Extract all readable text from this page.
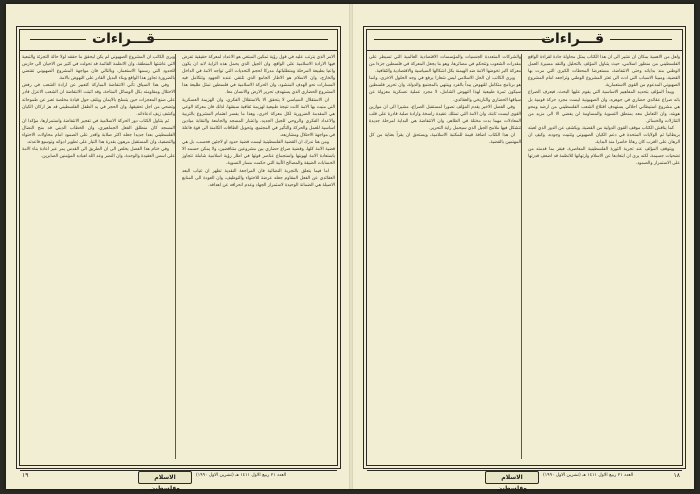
قـــراءات

الامر الذي يترتب عليه في قول رؤية تمكين المبتغي هو الاعداد لمعركة حقيقية تفرض فيها الارادة الاسلامية على الواقع، وان الجيل الذي يحمل هذه الراية لابد ان يكون واعيا بطبيعة المرحلة ومتطلباتها، مدركا لحجم التحديات التي تواجه الامة في الداخل والخارج، وان الاسلام هو الاطار الجامع الذي تلتقي عنده الجهود وتتكامل فيه المسارات نحو الهدف المنشود، وان الحركة الاسلامية في فلسطين تمثل طليعة هذا المشروع الحضاري الذي يستهدف تحرير الارض والانسان معا.

ان الاستقلال السياسي لا يتحقق الا بالاستقلال الفكري، وان الهزيمة العسكرية التي منيت بها الامة كانت نتيجة طبيعية لهزيمة ثقافية سبقتها، لذلك فان معركة الوعي هي المقدمة الضرورية لكل معركة اخرى، وهذا ما يفسر اهتمام المشروع بالتربية والاعداد الفكري والروحي للجيل الجديد، واعتبار المسجد والجامعة والنقابة ميادين اساسية للعمل والحركة والتأثير في المجتمع، وتحويل الطاقات الكامنة الى قوة فاعلة في مواجهة الاحتلال ومشاريعه.

ومن هنا ندرك ان القضية الفلسطينية ليست قضية حدود او لاجئين فحسب، بل هي قضية الامة كلها، وقضية صراع حضاري بين مشروعين متناقضين، ولا يمكن حسمه الا باستعادة الامة لهويتها واستجماع عناصر قوتها في اطار رؤية اسلامية شاملة تتجاوز الحسابات الضيقة والمصالح الآنية التي حكمت مسار التسوية.

اما فيما يتعلق بالتجربة النضالية فان المراجعة النقدية تظهر ان غياب البعد العقائدي عن الفعل المقاوم جعله عرضة للاحتواء والتوظيف، وان العودة الى المنابع الاصيلة هي الضمانة الوحيدة لاستمرار الجهاد وعدم انحرافه عن اهدافه.

ويرى الكاتب ان المشروع الصهيوني لم يكن ليحقق ما حققه لولا حالة التجزئة والتبعية التي عاشتها المنطقة، وان الانظمة القائمة قد تحولت في كثير من الاحيان الى حارس للحدود التي رسمها الاستعمار، وبالتالي فان مواجهة المشروع الصهيوني تقتضي بالضرورة تجاوز هذا الواقع وبناء البديل القادر على النهوض بالامة.

وفي هذا السياق تأتي الانتفاضة المباركة كتعبير عن ارادة الشعب في رفض الاحتلال ومقاومته بكل الوسائل المتاحة، وقد اثبتت الانتفاضة ان الشعب الاعزل قادر على صنع المعجزات حين يتسلح بالايمان ويلتف حول قيادة مخلصة تعبر عن طموحاته وتضحي من اجل تحقيقها، وان الحجر في يد الطفل الفلسطيني قد هز اركان الكيان وكشف زيف ادعاءاته.

ثم يتناول الكتاب دور الحركة الاسلامية في تفجير الانتفاضة واستمرارها، مؤكدا ان المسجد كان منطلق الفعل الجماهيري، وان الخطاب الديني قد منح النضال الفلسطيني بعدا جديدا جعله اكثر صلابة واقدر على الصمود امام محاولات الاحتواء والتصفية، وان المستقبل مرهون بقدرة هذا التيار على تطوير ادواته وتوسيع قاعدته.

وفي ختام هذا الفصل يخلص الى ان الطريق الى القدس يمر عبر اعادة بناء الامة على اسس العقيدة والوحدة، وان النصر وعد الله لعباده المؤمنين الصابرين.

١٩	الاسلام وفلسطين
العدد ٢١ ربيع الاول ١٤١١ هـ (تشرين الاول ١٩٩٠)
قـــراءات

ولعل من الاهمية بمكان ان نشير الى ان هذا الكتاب يمثل محاولة جادة لقراءة الواقع الفلسطيني من منظور اسلامي، حيث يتناول المؤلف بالتحليل والنقد مسيرة العمل الوطني منذ بداياته وحتى الانتفاضة، مستعرضا المحطات الكبرى التي مرت بها القضية، ومبينا الاسباب التي ادت الى تعثر المشروع الوطني وتراجعه امام المشروع الصهيوني المدعوم من القوى الاستعمارية.

ويبدأ المؤلف بتحديد المفاهيم الاساسية التي يقوم عليها البحث، فيعرف الصراع بانه صراع عقائدي حضاري في جوهره، وان الصهيونية ليست مجرد حركة قومية بل هي مشروع استيطاني احلالي يستهدف اقتلاع الشعب الفلسطيني من ارضه ومحو هويته، وان التعامل معه بمنطق التسوية والمساومة لن يفضي الا الى مزيد من التنازلات والخسائر.

كما يناقش الكتاب موقف القوى الدولية من القضية، ويكشف عن الدور الذي لعبته بريطانيا ثم الولايات المتحدة في دعم الكيان الصهيوني وتثبيت وجوده، وكيف ان الرهان على الغرب كان رهانا خاسرا منذ البداية.

ويتوقف المؤلف عند تجربة الثورة الفلسطينية المعاصرة، فيقر بما قدمته من تضحيات جسيمة، لكنه يرى ان ابتعادها عن الاسلام وارتهانها للانظمة قد اضعف قدرتها على الاستمرار والصمود.

والشركات المتعددة الجنسيات والمؤسسات الاقتصادية العالمية التي تسيطر على مقدرات الشعوب وتتحكم في مصائرها، وهو ما يجعل المعركة في فلسطين جزءا من معركة اكبر تخوضها الامة ضد الهيمنة بكل اشكالها السياسية والاقتصادية والثقافية.

ويرى الكاتب ان الحل الاسلامي ليس شعارا يرفع في وجه الحلول الاخرى، وانما هو برنامج متكامل للنهوض يبدأ بالفرد وينتهي بالمجتمع والدولة، وان تحرير فلسطين سيكون ثمرة طبيعية لهذا النهوض الشامل، لا مجرد عملية عسكرية معزولة عن سياقها الحضاري والتاريخي والعقائدي.

وفي الفصل الاخير يقدم المؤلف تصورا لمستقبل الصراع، مشيرا الى ان موازين القوى ليست ثابتة، وان الامة التي تمتلك عقيدة راسخة وارادة صلبة قادرة على قلب المعادلات مهما بدت مختلة في الظاهر، وان الانتفاضة هي البداية لمرحلة جديدة تتشكل فيها ملامح الجيل الذي سيحمل راية التحرير.

ان هذا الكتاب اضافة قيمة للمكتبة الاسلامية، ويستحق ان يقرأ بعناية من كل المهتمين بالقضية.

الاسلام وفلسطين
العدد ٢١ ربيع الاول ١٤١١ هـ (تشرين الاول ١٩٩٠)	١٨
